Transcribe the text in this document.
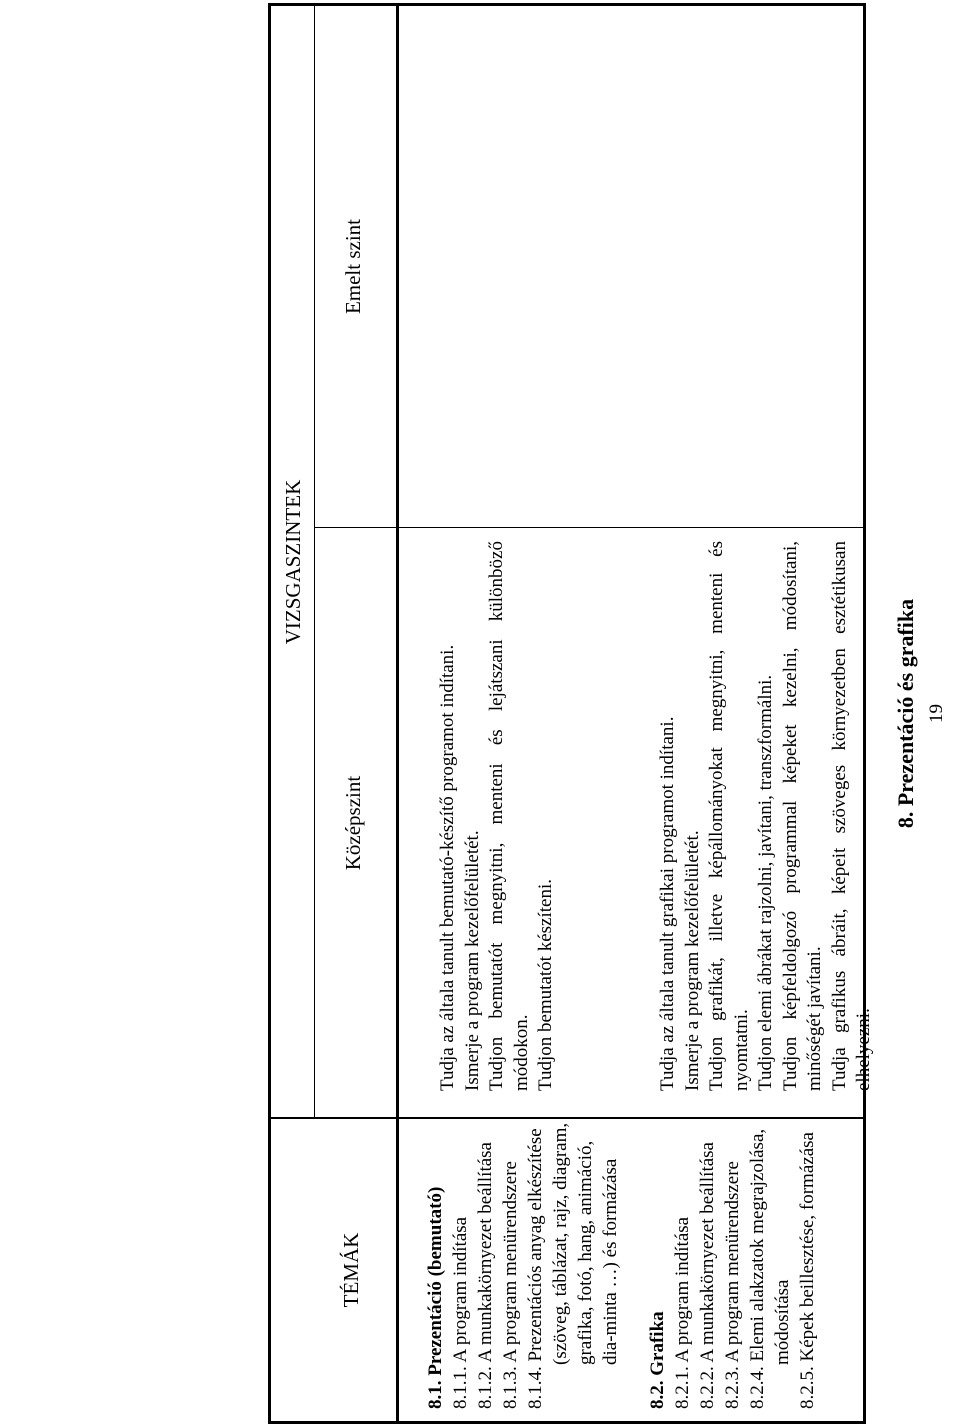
8. Prezentáció és grafika
TÉMÁK
VIZSGASZINTEK
Középszint
Emelt szint
8.1. Prezentáció (bemutató) 8.1.1. A program indítása 8.1.2. A munkakörnyezet beállítása 8.1.3. A program menürendszere 8.1.4. Prezentációs anyag elkészítése (szöveg, táblázat, rajz, diagram, grafika, fotó, hang, animáció, dia-minta …) és formázása 8.2. Grafika 8.2.1. A program indítása 8.2.2. A munkakörnyezet beállítása 8.2.3. A program menürendszere 8.2.4. Elemi alakzatok megrajzolása, módosítása 8.2.5. Képek beillesztése, formázása
Tudja az általa tanult bemutató-készítő programot indítani. Ismerje a program kezelőfelületét. Tudjon bemutatót megnyitni, menteni és lejátszani különböző módokon. Tudjon bemutatót készíteni.	Tudja az általa tanult grafikai programot indítani. Ismerje a program kezelőfelületét. Tudjon grafikát, illetve képállományokat megnyitni, menteni és nyomtatni. Tudjon elemi ábrákat rajzolni, javítani, transzformálni. Tudjon képfeldolgozó programmal képeket kezelni, módosítani, minőségét javítani. Tudja grafikus ábráit, képeit szöveges környezetben esztétikusan elhelyezni.
19
